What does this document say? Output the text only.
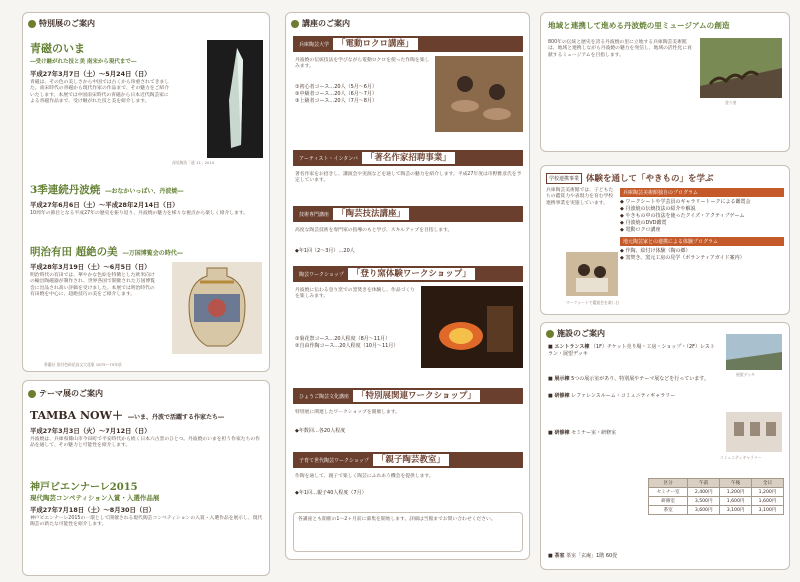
特別展のご案内
青磁のいま
―受け継がれた技と美 南宋から現代まで―
平成27年3月7日（土）〜5月24日（日）
青磁は、その色の美しさから中国では古くから珍重されてきました。南宋時代の青磁から現代作家の作品まで、その魅力をご紹介いたします。本展では中国南宋時代の青磁から日本近代陶芸家による青磁作品まで、受け継がれた技と美を紹介します。
深見陶治「遙 11」2010
3季連続丹波焼 ―おなかいっぱい、丹波焼―
平成27年6月6日（土）〜平成28年2月14日（日）
10周年の節目となる平成27年の歴史を振り返り、丹波焼の魅力を様々な視点から楽しく紹介します。
明治有田 超絶の美 ―万国博覧会の時代―
平成28年3月19日（土）〜6月5日（日）
明治時代の有田では、華やかな色絵を特徴とした欧米向けの輸出陶磁器が制作され、世界各国で開催された万国博覧会に出品され高い評価を受けました。本展では明治時代の有田焼を中心に、超絶技巧の美をご紹介します。
香蘭社 染付色絵花鳥文大花瓶 1875〜79年頃
テーマ展のご案内
TAMBA NOW＋ ―いま、丹波で活躍する作家たち―
平成27年3月3日（火）〜7月12日（日）
丹波焼は、兵庫県篠山市今田町で平安時代から続く日本六古窯のひとつ。丹波焼のいまを担う作家たちの作品を通して、その魅力と可能性を紹介します。
神戸ビエンナーレ2015
現代陶芸コンペティション入賞・入選作品展
平成27年7月18日（土）〜8月30日（日）
神戸ビエンナーレ2015の一環として開催される現代陶芸コンペティションの入賞・入選作品を展示し、現代陶芸の新たな可能性を紹介します。
講座のご案内
兵庫陶芸大学 「電動ロクロ講座」
丹波焼の伝統技法を学びながら電動ロクロを使った作陶を楽しみます。
①初心者コース…20人（5月〜6月）
②中級者コース…20人（6月〜7月）
③上級者コース…20人（7月〜8月）
アーティスト・インタンバ 「著名作家招聘事業」
著名作家をお招きし、講演会や実演などを通して陶芸の魅力を紹介します。平成27年度は市野雅彦氏を予定しています。
技術専門講座 「陶芸技法講座」
高度な陶芸技術を専門家の指導のもと学び、スキルアップを目指します。
◆年1回（2〜3月）…20人
陶芸ワークショップ 「登り窯体験ワークショップ」
丹波焼に伝わる登り窯での窯焚きを体験し、作品づくりを楽しみます。
①菊花祭コース…20人程度（8月〜11月）
②自由作陶コース…20人程度（10月〜11月）
ひょうご陶芸文化講座 「特別展関連ワークショップ」
特別展に関連したワークショップを開催します。
◆年数回…各20人程度
子育て世代陶芸ワークショップ 「親子陶芸教室」
作陶を通して、親子で楽しく陶芸にふれあう機会を提供します。
◆年1回…親子40人程度（7月）
各講座とも開催の1〜2ヶ月前に募集を開始します。詳細は当館までお問い合わせください。
地域と連携して進める丹波焼の里ミュージアムの創造
800年の伝統と歴史を誇る丹波焼の里に立地する兵庫陶芸美術館は、地域と連携しながら丹波焼の魅力を発信し、地域の活性化に貢献するミュージアムを目指します。
登り窯
学校連携事業 体験を通して「やきもの」を学ぶ
兵庫陶芸美術館では、子どもたちの鑑賞力や表現力を育む学校連携事業を実施しています。
兵庫陶芸美術館独自のプログラム
◆ ワークシートや学芸員のギャラリートークによる鑑賞会
◆ 丹波焼の伝統技法の紹介や解説
◆ やきもの中の技法を使ったクイズ・アクティブゲーム
◆ 丹波焼のDVD鑑賞
◆ 電動ロクロ講座
地元陶芸家との連携による体験プログラム
◆ 作陶、絵付け体験（陶の郷）
◆ 窯焚き、窯元工房の見学（ボランティアガイド案内）
ワークシートで鑑賞会を楽しむ
施設のご案内
■ エントランス棟 （1F）チケット売り場・工房・ショップ・（2F）レストラン・展望デッキ
■ 展示棟 5つの展示室があり、特別展やテーマ展などを行っています。
■ 研修棟 レファレンスルーム・コミュニティギャラリー
■ 研修棟 セミナー室・研修室
展望デッキ
コミュニティギャラリー
区分	午前	午後	全日
セミナー室	2,400円	1,200円	1,200円
研修室	3,500円	1,600円	1,600円
茶室	3,600円	3,100円	3,100円
■ 茶室 茶室「玄庵」1階 60畳
